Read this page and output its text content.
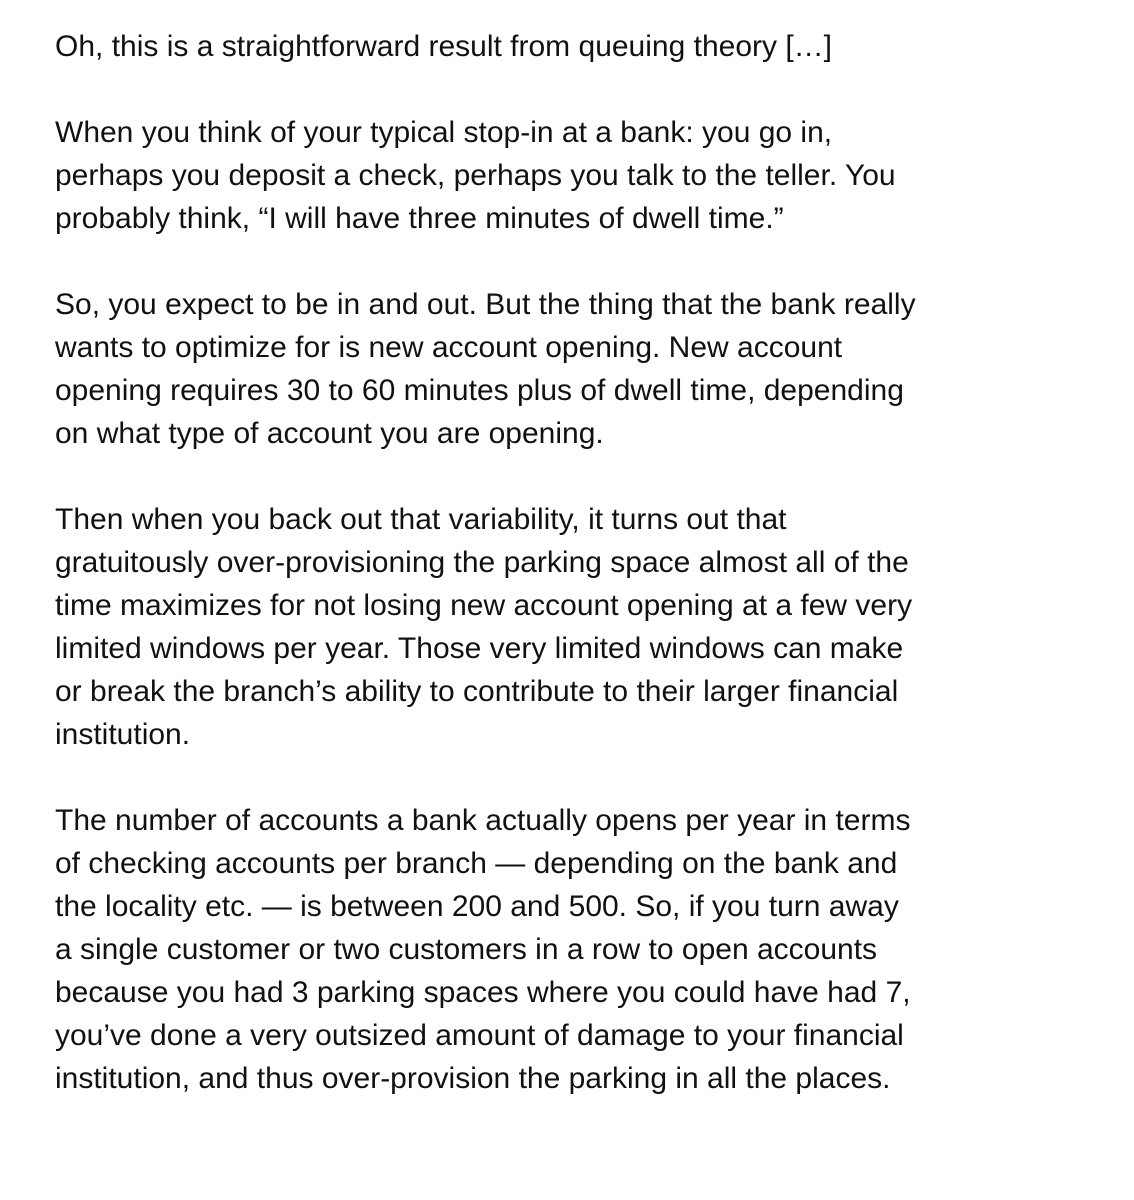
Oh, this is a straightforward result from queuing theory […]
When you think of your typical stop-in at a bank: you go in,
perhaps you deposit a check, perhaps you talk to the teller. You
probably think, “I will have three minutes of dwell time.”
So, you expect to be in and out. But the thing that the bank really
wants to optimize for is new account opening. New account
opening requires 30 to 60 minutes plus of dwell time, depending
on what type of account you are opening.
Then when you back out that variability, it turns out that
gratuitously over-provisioning the parking space almost all of the
time maximizes for not losing new account opening at a few very
limited windows per year. Those very limited windows can make
or break the branch’s ability to contribute to their larger financial
institution.
The number of accounts a bank actually opens per year in terms
of checking accounts per branch — depending on the bank and
the locality etc. — is between 200 and 500. So, if you turn away
a single customer or two customers in a row to open accounts
because you had 3 parking spaces where you could have had 7,
you’ve done a very outsized amount of damage to your financial
institution, and thus over-provision the parking in all the places.
